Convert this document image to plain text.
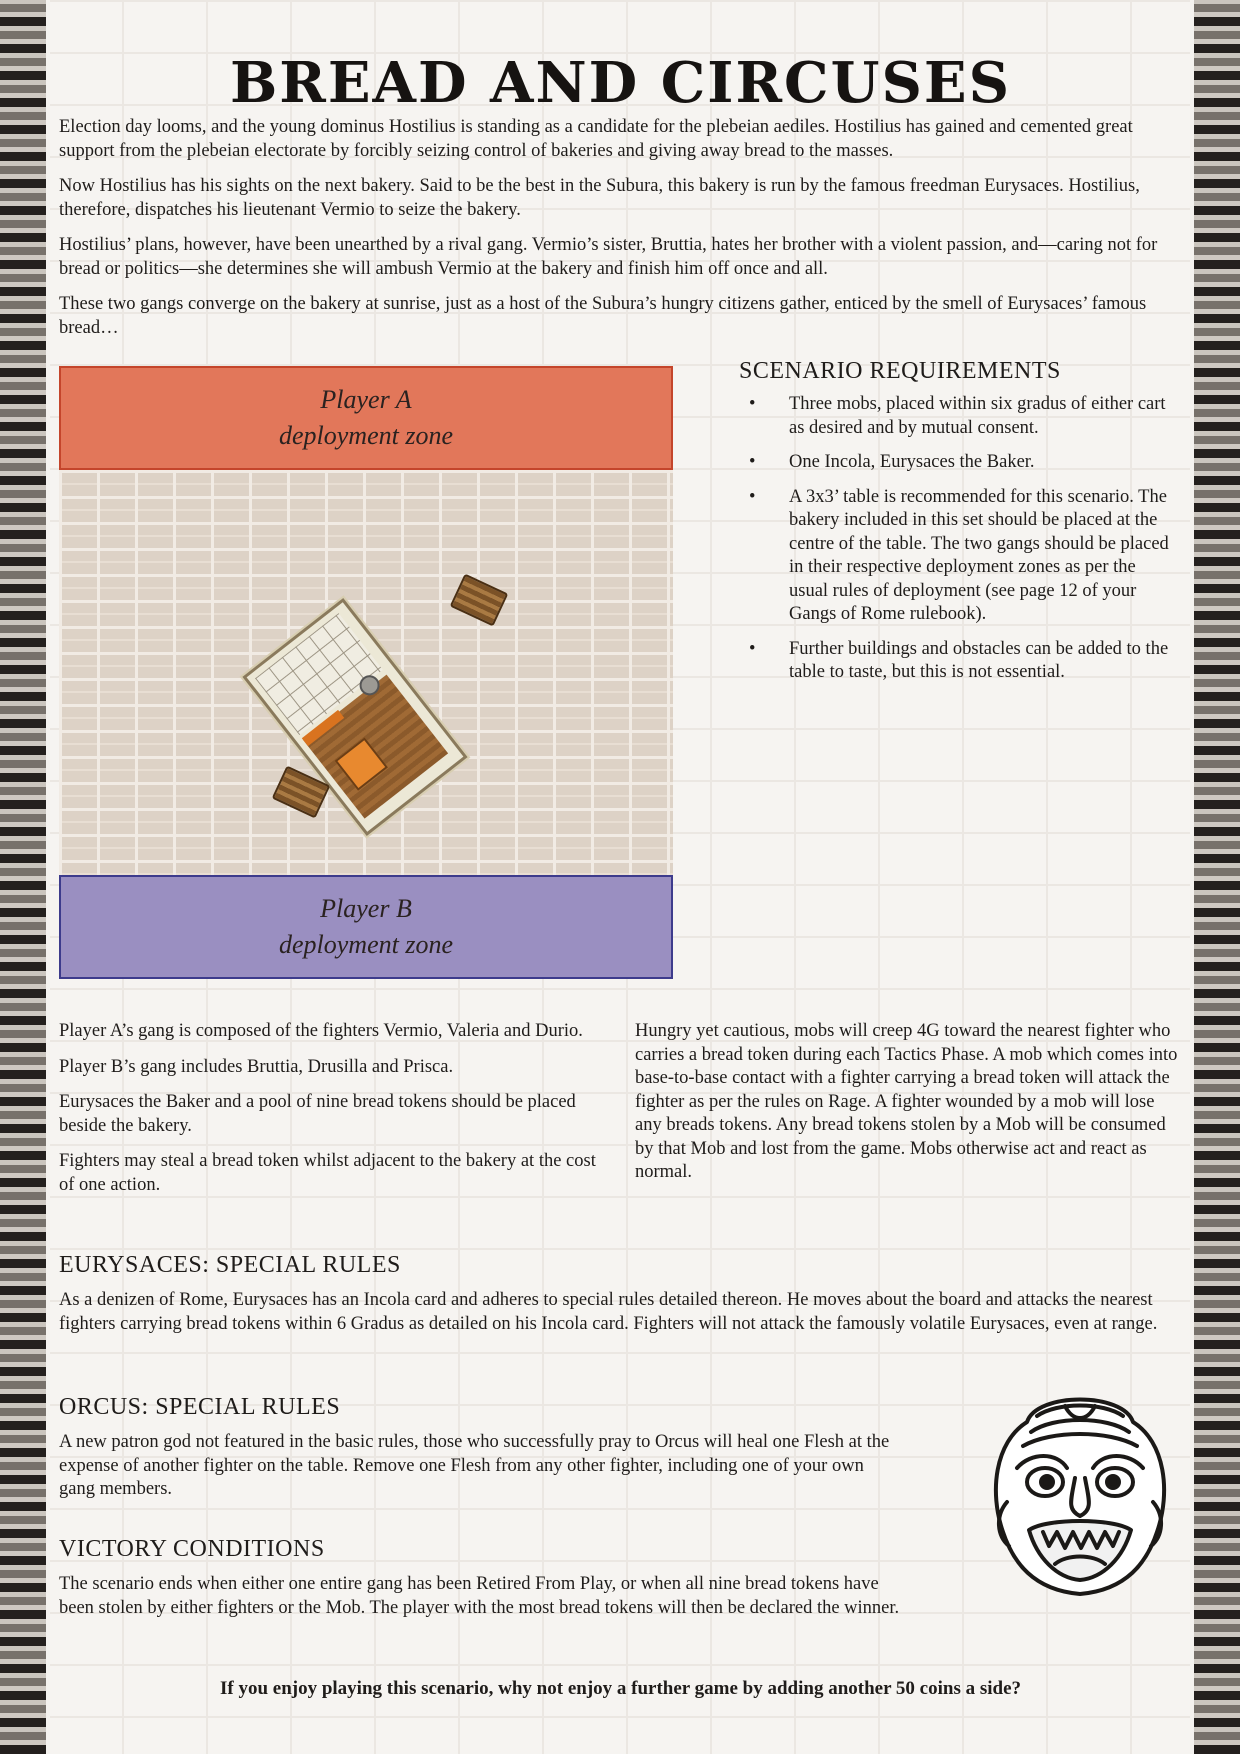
BREAD AND CIRCUSES

Election day looms, and the young dominus Hostilius is standing as a candidate for the plebeian aediles. Hostilius has gained and cemented great support from the plebeian electorate by forcibly seizing control of bakeries and giving away bread to the masses.

Now Hostilius has his sights on the next bakery. Said to be the best in the Subura, this bakery is run by the famous freedman Eurysaces. Hostilius, therefore, dispatches his lieutenant Vermio to seize the bakery.

Hostilius’ plans, however, have been unearthed by a rival gang. Vermio’s sister, Bruttia, hates her brother with a violent passion, and—caring not for bread or politics—she determines she will ambush Vermio at the bakery and finish him off once and all.

These two gangs converge on the bakery at sunrise, just as a host of the Subura’s hungry citizens gather, enticed by the smell of Eurysaces’ famous bread…

Player A
deployment zone
Player B
deployment zone
SCENARIO REQUIREMENTS
• Three mobs, placed within six gradus of either cart as desired and by mutual consent.
• One Incola, Eurysaces the Baker.
• A 3x3’ table is recommended for this scenario. The bakery included in this set should be placed at the centre of the table. The two gangs should be placed in their respective deployment zones as per the usual rules of deployment (see page 12 of your Gangs of Rome rulebook).
• Further buildings and obstacles can be added to the table to taste, but this is not essential.

Player A’s gang is composed of the fighters Vermio, Valeria and Durio.

Player B’s gang includes Bruttia, Drusilla and Prisca.

Eurysaces the Baker and a pool of nine bread tokens should be placed beside the bakery.

Fighters may steal a bread token whilst adjacent to the bakery at the cost of one action.

Hungry yet cautious, mobs will creep 4G toward the nearest fighter who carries a bread token during each Tactics Phase. A mob which comes into base-to-base contact with a fighter carrying a bread token will attack the fighter as per the rules on Rage. A fighter wounded by a mob will lose any breads tokens. Any bread tokens stolen by a Mob will be consumed by that Mob and lost from the game. Mobs otherwise act and react as normal.

EURYSACES: SPECIAL RULES

As a denizen of Rome, Eurysaces has an Incola card and adheres to special rules detailed thereon. He moves about the board and attacks the nearest fighters carrying bread tokens within 6 Gradus as detailed on his Incola card. Fighters will not attack the famously volatile Eurysaces, even at range.

ORCUS: SPECIAL RULES

A new patron god not featured in the basic rules, those who successfully pray to Orcus will heal one Flesh at the expense of another fighter on the table. Remove one Flesh from any other fighter, including one of your own gang members.

VICTORY CONDITIONS

The scenario ends when either one entire gang has been Retired From Play, or when all nine bread tokens have been stolen by either fighters or the Mob. The player with the most bread tokens will then be declared the winner.

If you enjoy playing this scenario, why not enjoy a further game by adding another 50 coins a side?
